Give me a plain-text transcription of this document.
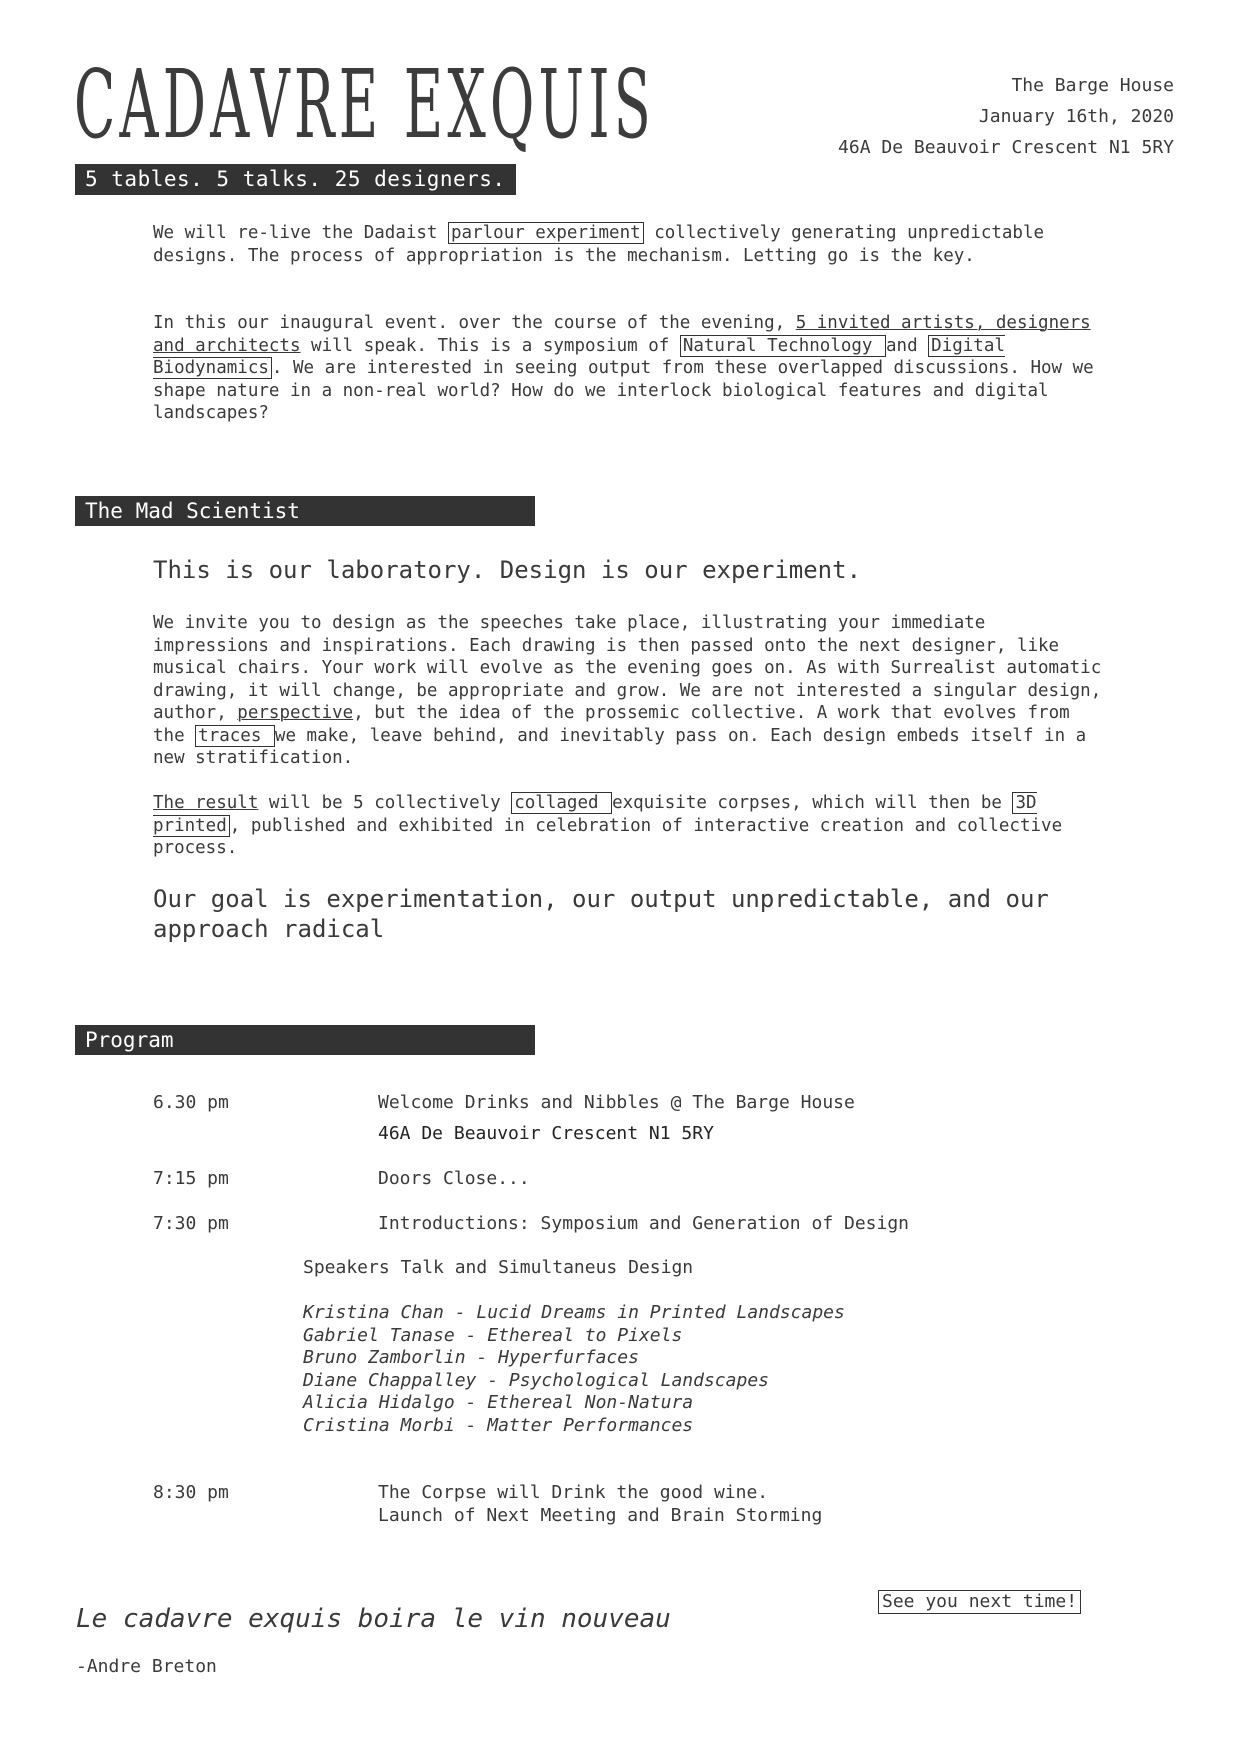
CADAVRE EXQUIS	The Barge House
January 16th, 2020
46A De Beauvoir Crescent N1 5RY
5 tables. 5 talks. 25 designers.

We will re-live the Dadaist parlour experiment collectively generating unpredictable designs. The process of appropriation is the mechanism. Letting go is the key.

In this our inaugural event. over the course of the evening, 5 invited artists, designers and architects will speak. This is a symposium of Natural Technology and Digital Biodynamics . We are interested in seeing output from these overlapped discussions. How we shape nature in a non-real world? How do we interlock biological features and digital landscapes?

The Mad Scientist
This is our laboratory. Design is our experiment.

We invite you to design as the speeches take place, illustrating your immediate impressions and inspirations. Each drawing is then passed onto the next designer, like musical chairs. Your work will evolve as the evening goes on. As with Surrealist automatic drawing, it will change, be appropriate and grow. We are not interested a singular design, author, perspective, but the idea of the prossemic collective. A work that evolves from the traces we make, leave behind, and inevitably pass on. Each design embeds itself in a new stratification.

The result will be 5 collectively collaged exquisite corpses, which will then be 3D printed , published and exhibited in celebration of interactive creation and collective process.

Our goal is experimentation, our output unpredictable, and our approach radical
Program
6.30 pm	Welcome Drinks and Nibbles @ The Barge House
46A De Beauvoir Crescent N1 5RY
7:15 pm	Doors Close...
7:30 pm	Introductions: Symposium and Generation of Design
Speakers Talk and Simultaneus Design
Kristina Chan - Lucid Dreams in Printed Landscapes
Gabriel Tanase - Ethereal to Pixels
Bruno Zamborlin - Hyperfurfaces
Diane Chappalley - Psychological Landscapes
Alicia Hidalgo - Ethereal Non-Natura
Cristina Morbi - Matter Performances
8:30 pm	The Corpse will Drink the good wine.
Launch of Next Meeting and Brain Storming
See you next time!
Le cadavre exquis boira le vin nouveau
-Andre Breton
